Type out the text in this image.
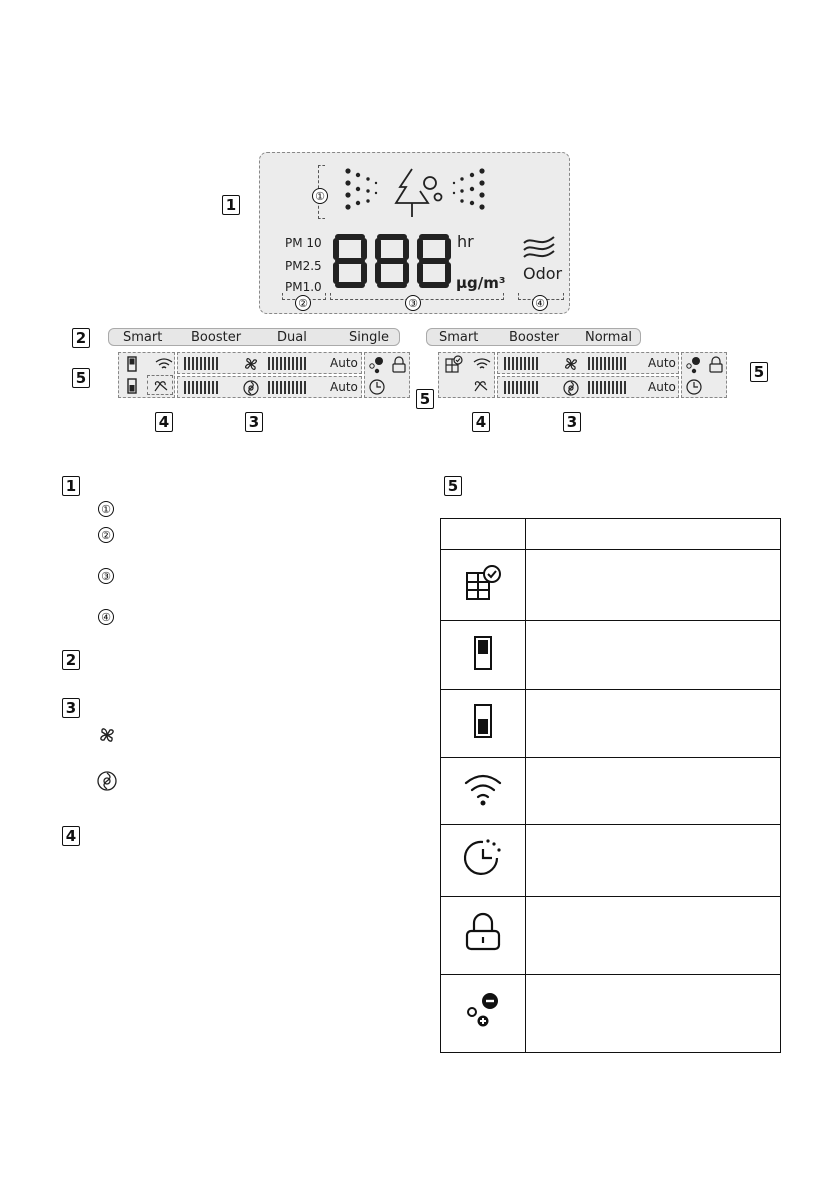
1	①
PM 10
PM2.5
PM1.0
hr
µg/m³ Odor
②	③	④
2	Smart Booster	Dual	Single	Smart Booster Normal
5
Auto
Auto
Auto
Auto
5
5
4	3	4	3
1
①
②
③
④
2
3
4
5
